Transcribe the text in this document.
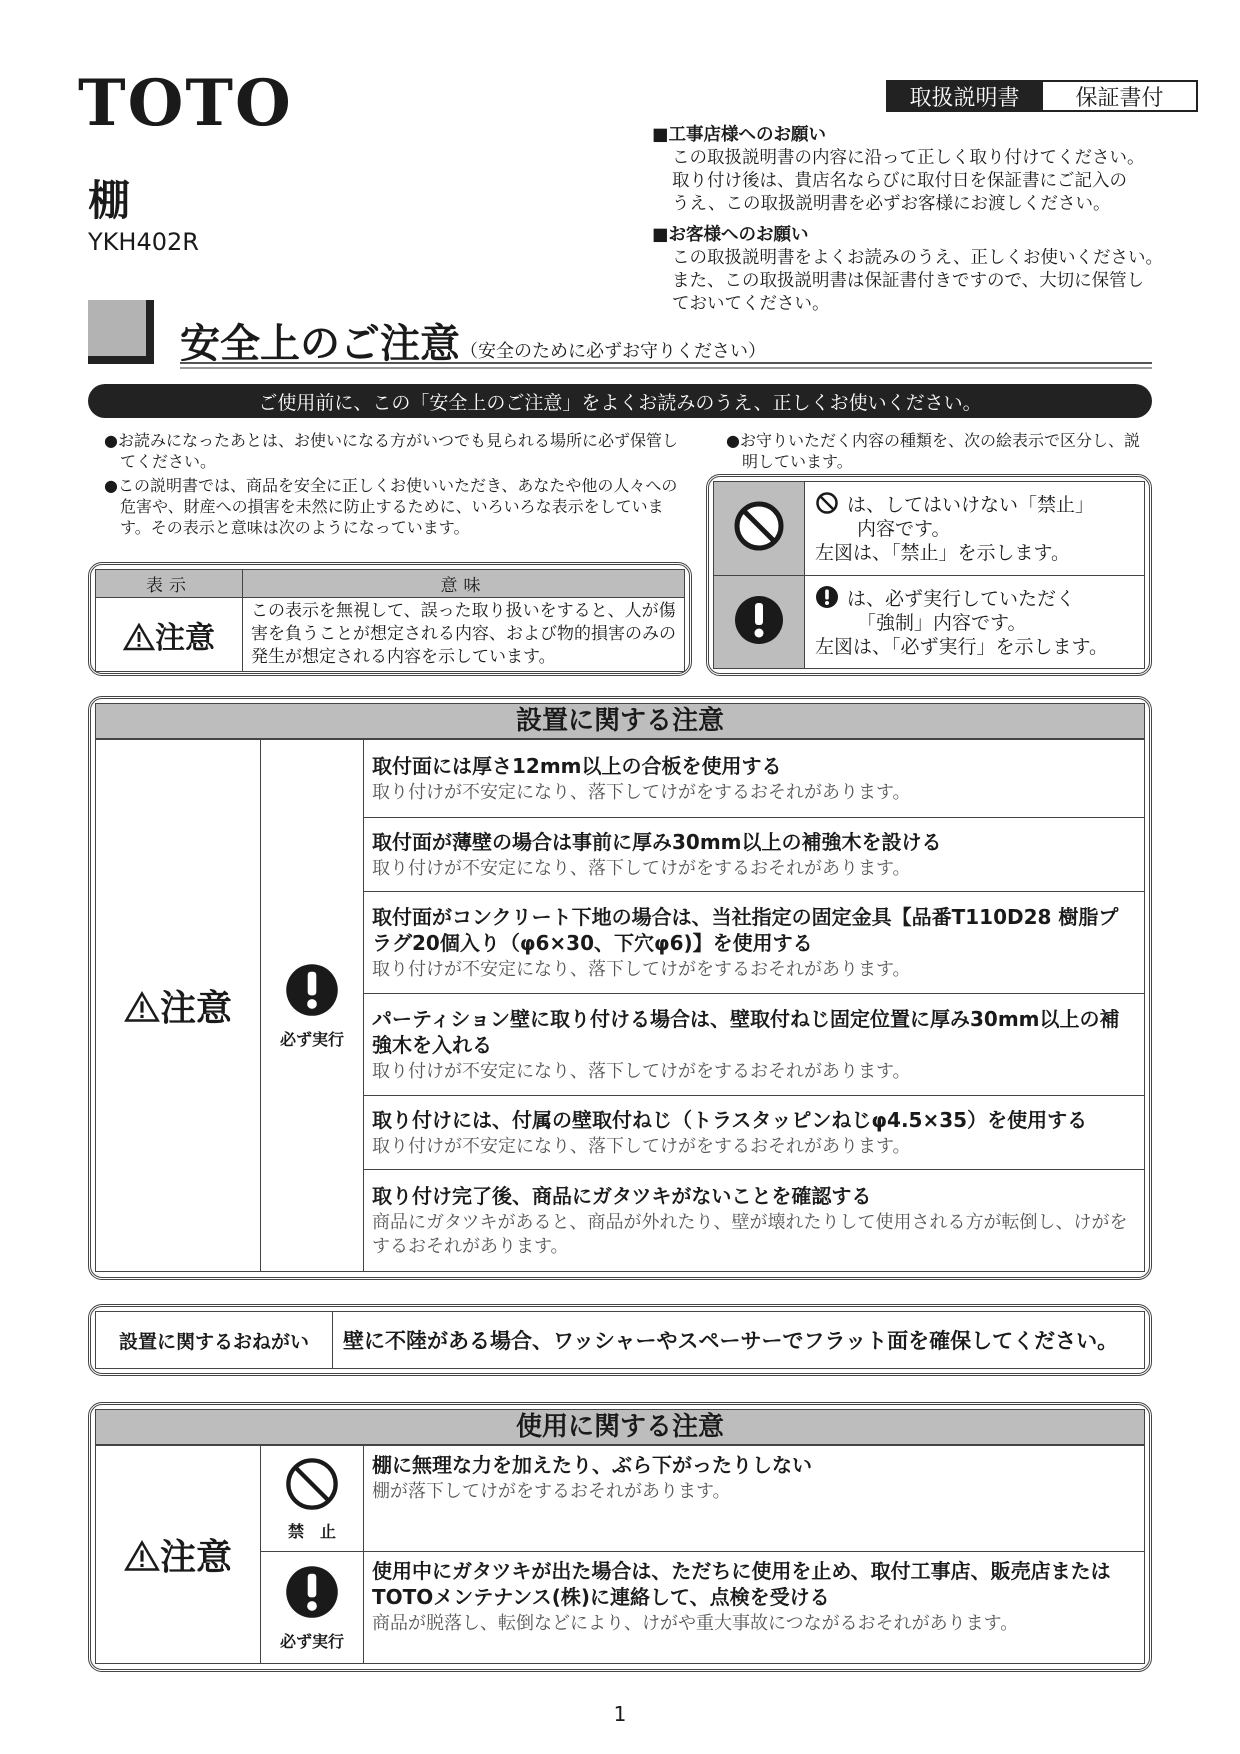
TOTO
棚
YKH402R
取扱説明書	保証書付
■工事店様へのお願い
この取扱説明書の内容に沿って正しく取り付けてください。
取り付け後は、貴店名ならびに取付日を保証書にご記入の
うえ、この取扱説明書を必ずお客様にお渡しください。
■お客様へのお願い
この取扱説明書をよくお読みのうえ、正しくお使いください。
また、この取扱説明書は保証書付きですので、大切に保管し
ておいてください。
安全上のご注意（安全のために必ずお守りください）
ご使用前に、この「安全上のご注意」をよくお読みのうえ、正しくお使いください。

●お読みになったあとは、お使いになる方がいつでも見られる場所に必ず保管してください。

●この説明書では、商品を安全に正しくお使いいただき、あなたや他の人々への危害や、財産への損害を未然に防止するために、いろいろな表示をしています。その表示と意味は次のようになっています。

●お守りいただく内容の種類を、次の絵表示で区分し、説明しています。

表示	意味
注意	この表示を無視して、誤った取り扱いをすると、人が傷害を負うことが想定される内容、および物的損害のみの発生が想定される内容を示しています。

は、してはいけない「禁止」
内容です。
左図は、「禁止」を示します。

は、必ず実行していただく
「強制」内容です。
左図は、「必ず実行」を示します。
設置に関する注意
注意	
必ず実行

取付面には厚さ12mm以上の合板を使用する
取り付けが不安定になり、落下してけがをするおそれがあります。

取付面が薄壁の場合は事前に厚み30mm以上の補強木を設ける
取り付けが不安定になり、落下してけがをするおそれがあります。

取付面がコンクリート下地の場合は、当社指定の固定金具【品番T110D28 樹脂プラグ20個入り（φ6×30、下穴φ6)】を使用する
取り付けが不安定になり、落下してけがをするおそれがあります。

パーティション壁に取り付ける場合は、壁取付ねじ固定位置に厚み30mm以上の補強木を入れる
取り付けが不安定になり、落下してけがをするおそれがあります。

取り付けには、付属の壁取付ねじ（トラスタッピンねじφ4.5×35）を使用する
取り付けが不安定になり、落下してけがをするおそれがあります。

取り付け完了後、商品にガタツキがないことを確認する
商品にガタツキがあると、商品が外れたり、壁が壊れたりして使用される方が転倒し、けがをするおそれがあります。
設置に関するおねがい	壁に不陸がある場合、ワッシャーやスペーサーでフラット面を確保してください。
使用に関する注意
注意	禁　止	棚に無理な力を加えたり、ぶら下がったりしない
棚が落下してけがをするおそれがあります。

	必ず実行	使用中にガタツキが出た場合は、ただちに使用を止め、取付工事店、販売店またはTOTOメンテナンス(株)に連絡して、点検を受ける
商品が脱落し、転倒などにより、けがや重大事故につながるおそれがあります。
1
